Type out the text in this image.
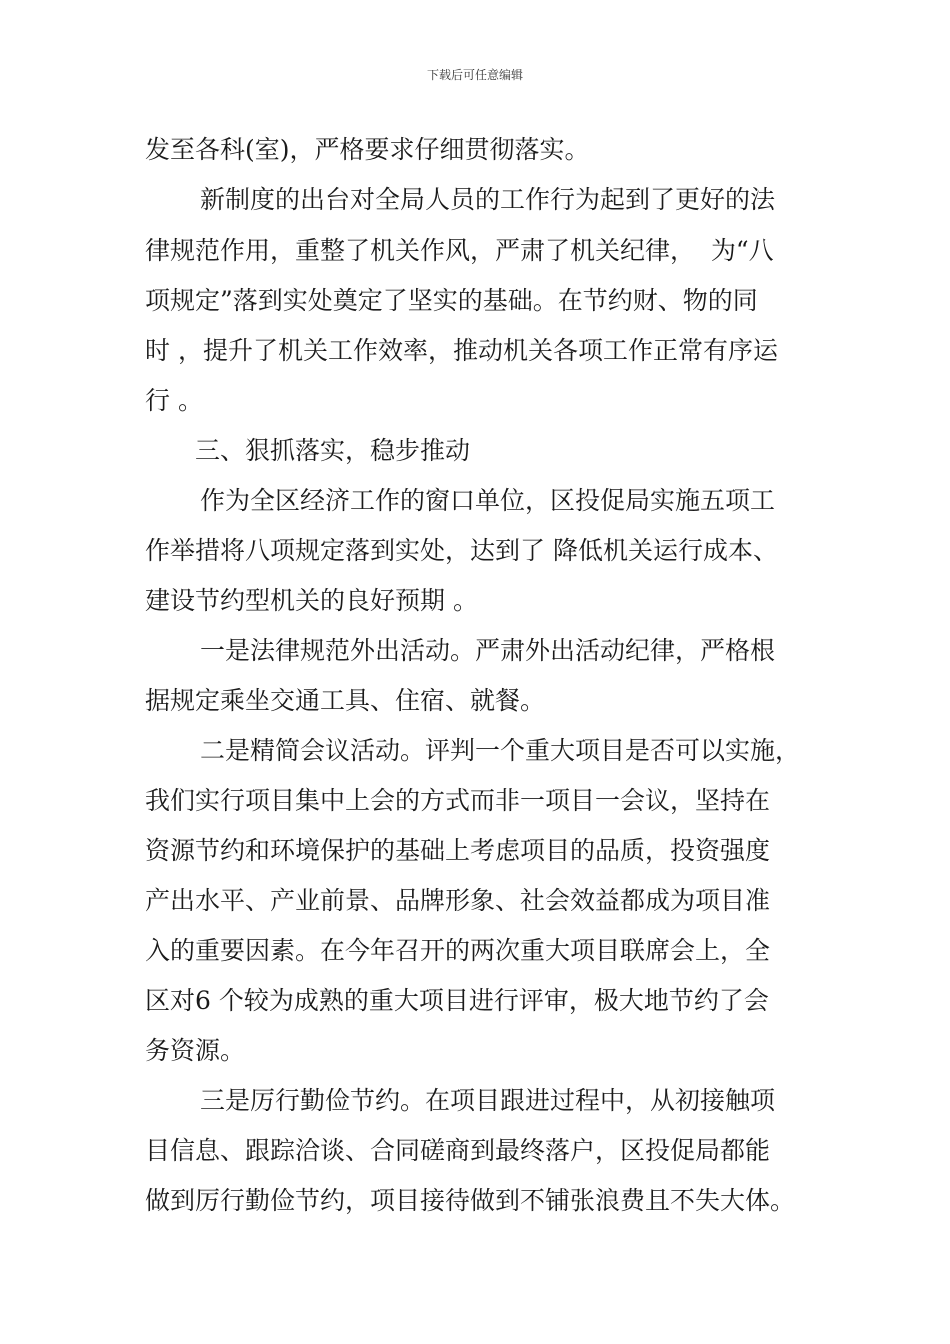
下载后可任意编辑
发至各科(室)，严格要求仔细贯彻落实。
新制度的出台对全局人员的工作行为起到了更好的法
律规范作用，重整了机关作风，严肃了机关纪律，  为“八
项规定”落到实处奠定了坚实的基础。在节约财、物的同
时 ，提升了机关工作效率，推动机关各项工作正常有序运
行 。
三、狠抓落实，稳步推动
作为全区经济工作的窗口单位，区投促局实施五项工
作举措将八项规定落到实处，达到了 降低机关运行成本、
建设节约型机关的良好预期 。
一是法律规范外出活动。严肃外出活动纪律，严格根
据规定乘坐交通工具、住宿、就餐。
二是精简会议活动。评判一个重大项目是否可以实施，
我们实行项目集中上会的方式而非一项目一会议，坚持在
资源节约和环境保护的基础上考虑项目的品质，投资强度
产出水平、产业前景、品牌形象、社会效益都成为项目准
入的重要因素。在今年召开的两次重大项目联席会上，全
区对6 个较为成熟的重大项目进行评审，极大地节约了会
务资源。
三是厉行勤俭节约。在项目跟进过程中，从初接触项
目信息、跟踪洽谈、合同磋商到最终落户，区投促局都能
做到厉行勤俭节约，项目接待做到不铺张浪费且不失大体。
